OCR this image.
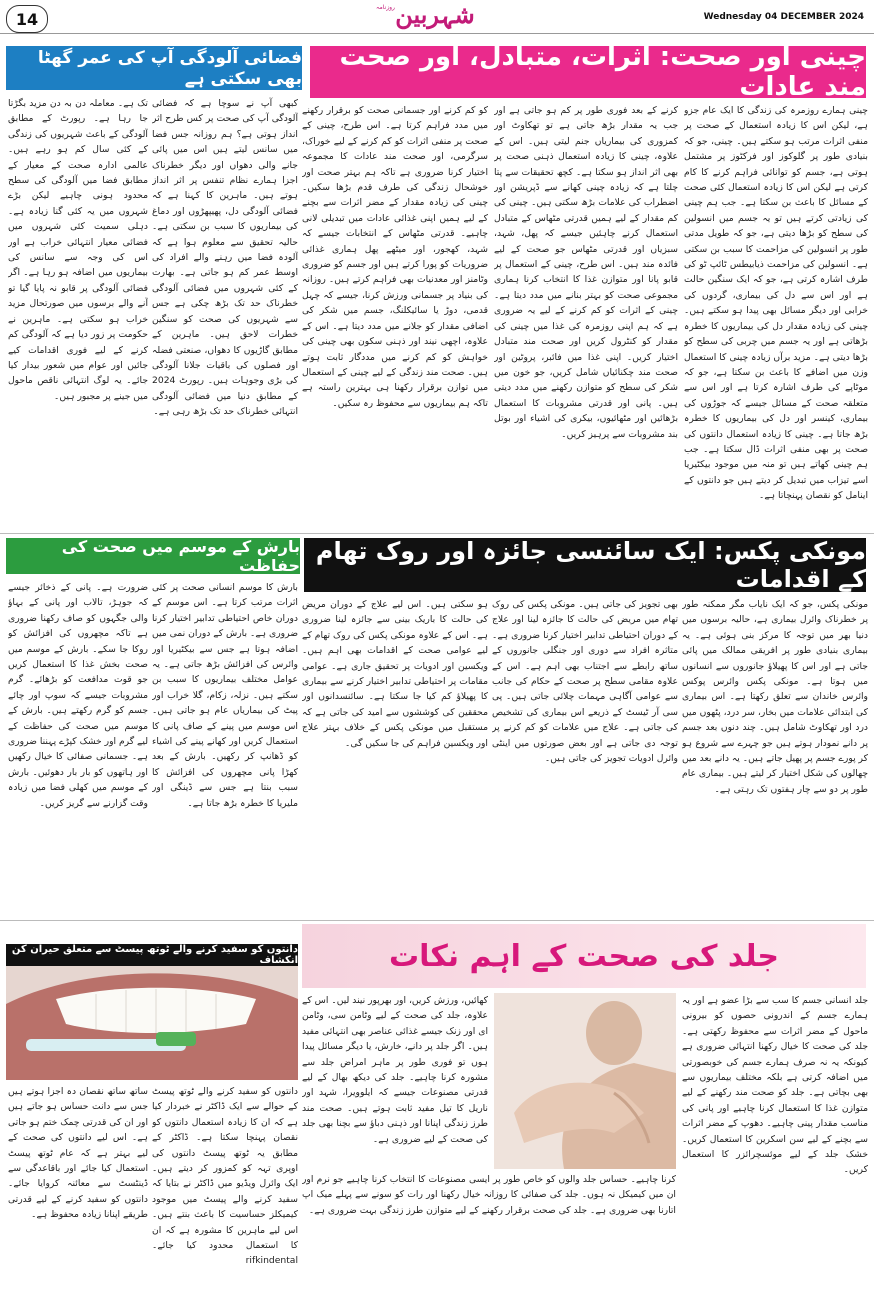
14
روزنامہ شہربین	Wednesday 04 DECEMBER 2024
چینی اور صحت: اثرات، متبادل، اور صحت مند عادات
چینی ہمارے روزمرہ کی زندگی کا ایک عام جزو ہے، لیکن اس کا زیادہ استعمال کے صحت پر منفی اثرات مرتب ہو سکتے ہیں۔ چینی، جو کہ بنیادی طور پر گلوکوز اور فرکٹوز پر مشتمل ہوتی ہے، جسم کو توانائی فراہم کرنے کا کام کرتی ہے لیکن اس کا زیادہ استعمال کئی صحت کے مسائل کا باعث بن سکتا ہے۔ جب ہم چینی کی زیادتی کرتے ہیں تو یہ جسم میں انسولین کی سطح کو بڑھا دیتی ہے، جو کہ طویل مدتی طور پر انسولین کی مزاحمت کا سبب بن سکتی ہے۔ انسولین کی مزاحمت ذیابیطس ٹائپ ٹو کی طرف اشارہ کرتی ہے، جو کہ ایک سنگین حالت ہے اور اس سے دل کی بیماری، گردوں کی خرابی اور دیگر مسائل بھی پیدا ہو سکتے ہیں۔ چینی کی زیادہ مقدار دل کی بیماریوں کا خطرہ بڑھاتی ہے اور یہ جسم میں چربی کی سطح کو بڑھا دیتی ہے۔ مزید برآں زیادہ چینی کا استعمال وزن میں اضافے کا باعث بن سکتا ہے، جو کہ موٹاپے کی طرف اشارہ کرتا ہے اور اس سے متعلقہ صحت کے مسائل جیسے کہ جوڑوں کی بیماری، کینسر اور دل کی بیماریوں کا خطرہ بڑھ جاتا ہے۔ چینی کا زیادہ استعمال دانتوں کی صحت پر بھی منفی اثرات ڈال سکتا ہے۔ جب ہم چینی کھاتے ہیں تو منہ میں موجود بیکٹیریا اسے تیزاب میں تبدیل کر دیتے ہیں جو دانتوں کے اینامل کو نقصان پہنچاتا ہے۔
کرنے کے بعد فوری طور پر کم ہو جاتی ہے اور جب یہ مقدار بڑھ جاتی ہے تو تھکاوٹ اور کمزوری کی بیماریاں جنم لیتی ہیں۔ اس کے علاوہ، چینی کا زیادہ استعمال ذہنی صحت پر بھی اثر انداز ہو سکتا ہے۔ کچھ تحقیقات سے پتا چلتا ہے کہ زیادہ چینی کھانے سے ڈپریشن اور اضطراب کی علامات بڑھ سکتی ہیں۔ چینی کی کم مقدار کے لیے ہمیں قدرتی مٹھاس کے متبادل استعمال کرنے چاہئیں جیسے کہ پھل، شہد، سبزیاں اور قدرتی مٹھاس جو صحت کے لیے فائدہ مند ہیں۔ اس طرح، چینی کے استعمال پر قابو پانا اور متوازن غذا کا انتخاب کرنا ہماری مجموعی صحت کو بہتر بنانے میں مدد دیتا ہے۔ چینی کے اثرات کو کم کرنے کے لیے یہ ضروری ہے کہ ہم اپنی روزمرہ کی غذا میں چینی کی مقدار کو کنٹرول کریں اور صحت مند متبادل اختیار کریں۔ اپنی غذا میں فائبر، پروٹین اور صحت مند چکنائیاں شامل کریں، جو خون میں شکر کی سطح کو متوازن رکھنے میں مدد دیتی ہیں۔ پانی اور قدرتی مشروبات کا استعمال بڑھائیں اور مٹھائیوں، بیکری کی اشیاء اور بوتل بند مشروبات سے پرہیز کریں۔
کو کم کرنے اور جسمانی صحت کو برقرار رکھنے میں مدد فراہم کرتا ہے۔ اس طرح، چینی کے صحت پر منفی اثرات کو کم کرنے کے لیے خوراک، سرگرمی، اور صحت مند عادات کا مجموعہ اختیار کرنا ضروری ہے تاکہ ہم بہتر صحت اور خوشحال زندگی کی طرف قدم بڑھا سکیں۔ چینی کی زیادہ مقدار کے مضر اثرات سے بچنے کے لیے ہمیں اپنی غذائی عادات میں تبدیلی لانی چاہیے۔ قدرتی مٹھاس کے انتخابات جیسے کہ شہد، کھجور، اور میٹھے پھل ہماری غذائی ضروریات کو پورا کرتے ہیں اور جسم کو ضروری وٹامنز اور معدنیات بھی فراہم کرتے ہیں۔ روزانہ کی بنیاد پر جسمانی ورزش کرنا، جیسے کہ چہل قدمی، دوڑ یا سائیکلنگ، جسم میں شکر کی اضافی مقدار کو جلانے میں مدد دیتا ہے۔ اس کے علاوہ، اچھی نیند اور ذہنی سکون بھی چینی کی خواہش کو کم کرنے میں مددگار ثابت ہوتے ہیں۔ صحت مند زندگی کے لیے چینی کے استعمال میں توازن برقرار رکھنا ہی بہترین راستہ ہے تاکہ ہم بیماریوں سے محفوظ رہ سکیں۔
فضائی آلودگی آپ کی عمر گھٹا بھی سکتی ہے
کبھی آپ نے سوچا ہے کہ فضائی آلودگی آپ کی صحت پر کس طرح اثر انداز ہوتی ہے؟ ہم روزانہ جس فضا میں سانس لیتے ہیں اس میں پائی جانے والی دھواں اور دیگر خطرناک اجزا ہمارے نظام تنفس پر اثر انداز ہوتے ہیں۔ ماہرین کا کہنا ہے کہ فضائی آلودگی دل، پھیپھڑوں اور دماغ کی بیماریوں کا سبب بن سکتی ہے۔ حالیہ تحقیق سے معلوم ہوا ہے کہ آلودہ فضا میں رہنے والے افراد کی اوسط عمر کم ہو جاتی ہے۔ بھارت کے کئی شہروں میں فضائی آلودگی خطرناک حد تک بڑھ چکی ہے جس سے شہریوں کی صحت کو سنگین خطرات لاحق ہیں۔ ماہرین کے مطابق گاڑیوں کا دھواں، صنعتی فضلہ اور فصلوں کی باقیات جلانا آلودگی کی بڑی وجوہات ہیں۔ رپورٹ 2024 کے مطابق دنیا میں فضائی آلودگی انتہائی خطرناک حد تک بڑھ رہی ہے۔
تک ہے۔ معاملہ دن بہ دن مزید بگڑتا جا رہا ہے۔ رپورٹ کے مطابق آلودگی کے باعث شہریوں کی زندگی کے کئی سال کم ہو رہے ہیں۔ عالمی ادارہ صحت کے معیار کے مطابق فضا میں آلودگی کی سطح محدود ہونی چاہیے لیکن بڑے شہروں میں یہ کئی گنا زیادہ ہے۔ دہلی سمیت کئی شہروں میں فضائی معیار انتہائی خراب ہے اور اس کی وجہ سے سانس کی بیماریوں میں اضافہ ہو رہا ہے۔ اگر فضائی آلودگی پر قابو نہ پایا گیا تو آنے والے برسوں میں صورتحال مزید خراب ہو سکتی ہے۔ ماہرین نے حکومت پر زور دیا ہے کہ آلودگی کم کرنے کے لیے فوری اقدامات کیے جائیں اور عوام میں شعور بیدار کیا جائے۔ یہ لوگ انتہائی ناقص ماحول میں جینے پر مجبور ہیں۔
مونکی پکس: ایک سائنسی جائزہ اور روک تھام کے اقدامات
مونکی پکس، جو کہ ایک نایاب مگر ممکنہ طور پر خطرناک وائرل بیماری ہے، حالیہ برسوں میں دنیا بھر میں توجہ کا مرکز بنی ہوئی ہے۔ یہ بیماری بنیادی طور پر افریقی ممالک میں پائی جاتی ہے اور اس کا پھیلاؤ جانوروں سے انسانوں میں ہوتا ہے۔ مونکی پکس وائرس پوکس وائرس خاندان سے تعلق رکھتا ہے۔ اس بیماری کی ابتدائی علامات میں بخار، سر درد، پٹھوں میں درد اور تھکاوٹ شامل ہیں۔ چند دنوں بعد جسم پر دانے نمودار ہوتے ہیں جو چہرے سے شروع ہو کر پورے جسم پر پھیل جاتے ہیں۔ یہ دانے بعد میں چھالوں کی شکل اختیار کر لیتے ہیں۔ بیماری عام طور پر دو سے چار ہفتوں تک رہتی ہے۔
بھی تجویز کی جاتی ہیں۔ مونکی پکس کی روک تھام میں مریض کی حالت کا جائزہ لینا اور علاج کے دوران احتیاطی تدابیر اختیار کرنا ضروری ہے۔ متاثرہ افراد سے دوری اور جنگلی جانوروں کے ساتھ رابطے سے اجتناب بھی اہم ہے۔ اس کے علاوہ مقامی سطح پر صحت کے حکام کی جانب سے عوامی آگاہی مہمات چلائی جاتی ہیں۔ پی سی آر ٹیسٹ کے ذریعے اس بیماری کی تشخیص کی جاتی ہے۔ علاج میں علامات کو کم کرنے پر توجہ دی جاتی ہے اور بعض صورتوں میں اینٹی وائرل ادویات تجویز کی جاتی ہیں۔
ہو سکتی ہیں۔ اس لیے علاج کے دوران مریض کی حالت کا باریک بینی سے جائزہ لینا ضروری ہے۔ اس کے علاوہ مونکی پکس کی روک تھام کے لیے عوامی صحت کے اقدامات بھی اہم ہیں۔ ویکسین اور ادویات پر تحقیق جاری ہے۔ عوامی مقامات پر احتیاطی تدابیر اختیار کرنے سے بیماری کا پھیلاؤ کم کیا جا سکتا ہے۔ سائنسدانوں اور محققین کی کوششوں سے امید کی جاتی ہے کہ مستقبل میں مونکی پکس کے خلاف بہتر علاج اور ویکسین فراہم کی جا سکیں گی۔
بارش کے موسم میں صحت کی حفاظت
بارش کا موسم انسانی صحت پر کئی اثرات مرتب کرتا ہے۔ اس موسم کے دوران خاص احتیاطی تدابیر اختیار کرنا ضروری ہے۔ بارش کے دوران نمی میں اضافہ ہوتا ہے جس سے بیکٹیریا اور وائرس کی افزائش بڑھ جاتی ہے۔ یہ عوامل مختلف بیماریوں کا سبب بن سکتے ہیں۔ نزلہ، زکام، گلا خراب اور پیٹ کی بیماریاں عام ہو جاتی ہیں۔ اس موسم میں پینے کے صاف پانی کا استعمال کریں اور کھانے پینے کی اشیاء کو ڈھانپ کر رکھیں۔ بارش کے بعد کھڑا پانی مچھروں کی افزائش کا سبب بنتا ہے جس سے ڈینگی اور ملیریا کا خطرہ بڑھ جاتا ہے۔
ضرورت ہے۔ پانی کے ذخائر جیسے کہ جوہڑ، تالاب اور پانی کے بہاؤ والی جگہوں کو صاف رکھنا ضروری ہے تاکہ مچھروں کی افزائش کو روکا جا سکے۔ بارش کے موسم میں صحت بخش غذا کا استعمال کریں جو قوت مدافعت کو بڑھائے۔ گرم مشروبات جیسے کہ سوپ اور چائے جسم کو گرم رکھتے ہیں۔ بارش کے موسم میں صحت کی حفاظت کے لیے گرم اور خشک کپڑے پہننا ضروری ہے۔ جسمانی صفائی کا خیال رکھیں اور ہاتھوں کو بار بار دھوئیں۔ بارش کے موسم میں کھلی فضا میں زیادہ وقت گزارنے سے گریز کریں۔
جلد کی صحت کے اہم نکات
جلد انسانی جسم کا سب سے بڑا عضو ہے اور یہ ہمارے جسم کے اندرونی حصوں کو بیرونی ماحول کے مضر اثرات سے محفوظ رکھتی ہے۔ جلد کی صحت کا خیال رکھنا انتہائی ضروری ہے کیونکہ یہ نہ صرف ہمارے جسم کی خوبصورتی میں اضافہ کرتی ہے بلکہ مختلف بیماریوں سے بھی بچاتی ہے۔ جلد کو صحت مند رکھنے کے لیے متوازن غذا کا استعمال کرنا چاہیے اور پانی کی مناسب مقدار پینی چاہیے۔ دھوپ کے مضر اثرات سے بچنے کے لیے سن اسکرین کا استعمال کریں۔ خشک جلد کے لیے موئسچرائزر کا استعمال کریں۔
کھائیں، ورزش کریں، اور بھرپور نیند لیں۔ اس کے علاوہ، جلد کی صحت کے لیے وٹامن سی، وٹامن ای اور زنک جیسے غذائی عناصر بھی انتہائی مفید ہیں۔ اگر جلد پر دانے، خارش، یا دیگر مسائل پیدا ہوں تو فوری طور پر ماہر امراض جلد سے مشورہ کرنا چاہیے۔ جلد کی دیکھ بھال کے لیے قدرتی مصنوعات جیسے کہ ایلوویرا، شہد اور ناریل کا تیل مفید ثابت ہوتے ہیں۔ صحت مند طرز زندگی اپنانا اور ذہنی دباؤ سے بچنا بھی جلد کی صحت کے لیے ضروری ہے۔
کرنا چاہیے۔ حساس جلد والوں کو خاص طور پر ایسی مصنوعات کا انتخاب کرنا چاہیے جو نرم اور ان میں کیمیکل نہ ہوں۔ جلد کی صفائی کا روزانہ خیال رکھنا اور رات کو سونے سے پہلے میک اپ اتارنا بھی ضروری ہے۔ جلد کی صحت برقرار رکھنے کے لیے متوازن طرز زندگی بہت ضروری ہے۔
دانتوں کو سفید کرنے والے ٹوتھ پیسٹ سے متعلق حیران کن انکشاف
دانتوں کو سفید کرنے والے ٹوتھ پیسٹ کے حوالے سے ایک ڈاکٹر نے خبردار کیا ہے کہ ان کا زیادہ استعمال دانتوں کو نقصان پہنچا سکتا ہے۔ ڈاکٹر کے مطابق یہ ٹوتھ پیسٹ دانتوں کی اوپری تہہ کو کمزور کر دیتے ہیں۔ ایک وائرل ویڈیو میں ڈاکٹر نے بتایا کہ سفید کرنے والے پیسٹ میں موجود کیمیکلز حساسیت کا باعث بنتے ہیں۔ اس لیے ماہرین کا مشورہ ہے کہ ان کا استعمال محدود کیا جائے۔ rifkindental
ساتھ ساتھ نقصان دہ اجزا ہوتے ہیں جس سے دانت حساس ہو جاتے ہیں اور ان کی قدرتی چمک ختم ہو جاتی ہے۔ اس لیے دانتوں کی صحت کے لیے بہتر ہے کہ عام ٹوتھ پیسٹ استعمال کیا جائے اور باقاعدگی سے ڈینٹسٹ سے معائنہ کروایا جائے۔ دانتوں کو سفید کرنے کے لیے قدرتی طریقے اپنانا زیادہ محفوظ ہے۔
